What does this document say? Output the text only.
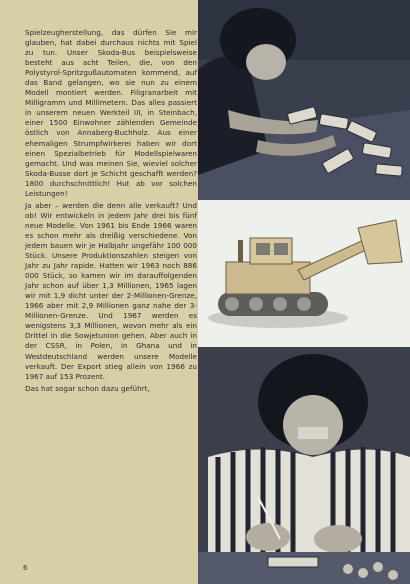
Spielzeugherstellung, das dürfen Sie mir glauben, hat dabei durchaus nichts mit Spiel zu tun. Unser Skoda-Bus beispielsweise besteht aus acht Teilen, die, von den Polystyrol-Spritzgußautomaten kommend, auf das Band gelangen, wo sie nun zu einem Modell montiert werden. Filigranarbeit mit Milligramm und Millimetern. Das alles passiert in unserem neuen Werkteil III, in Steinbach, einer 1500 Einwohner zählenden Gemeinde östlich von Annaberg-Buchholz. Aus einer ehemaligen Strumpfwirkerei haben wir dort einen Spezialbetrieb für Modellspielwaren gemacht. Und was meinen Sie, wieviel solcher Skoda-Busse dort je Schicht geschafft werden? 1800 durchschnittlich! Hut ab vor solchen Leistungen!

Ja aber – werden die denn alle verkauft? Und ob! Wir entwickeln in jedem Jahr drei bis fünf neue Modelle. Von 1961 bis Ende 1966 waren es schon mehr als dreißig verschiedene. Von jedem bauen wir je Halbjahr ungefähr 100 000 Stück. Unsere Produktionszahlen steigen von Jahr zu Jahr rapide. Hatten wir 1963 noch 886 000 Stück, so kamen wir im darauffolgenden Jahr schon auf über 1,3 Millionen, 1965 lagen wir mit 1,9 dicht unter der 2-Millionen-Grenze, 1966 aber mit 2,9 Millionen ganz nahe der 3-Millionen-Grenze. Und 1967 werden es wenigstens 3,3 Millionen, wovon mehr als ein Drittel in die Sowjetunion gehen. Aber auch in der CSSR, in Polen, in Ghana und in Westdeutschland werden unsere Modelle verkauft. Der Export stieg allein von 1966 zu 1967 auf 153 Prozent.

Das hat sogar schon dazu geführt,

6
